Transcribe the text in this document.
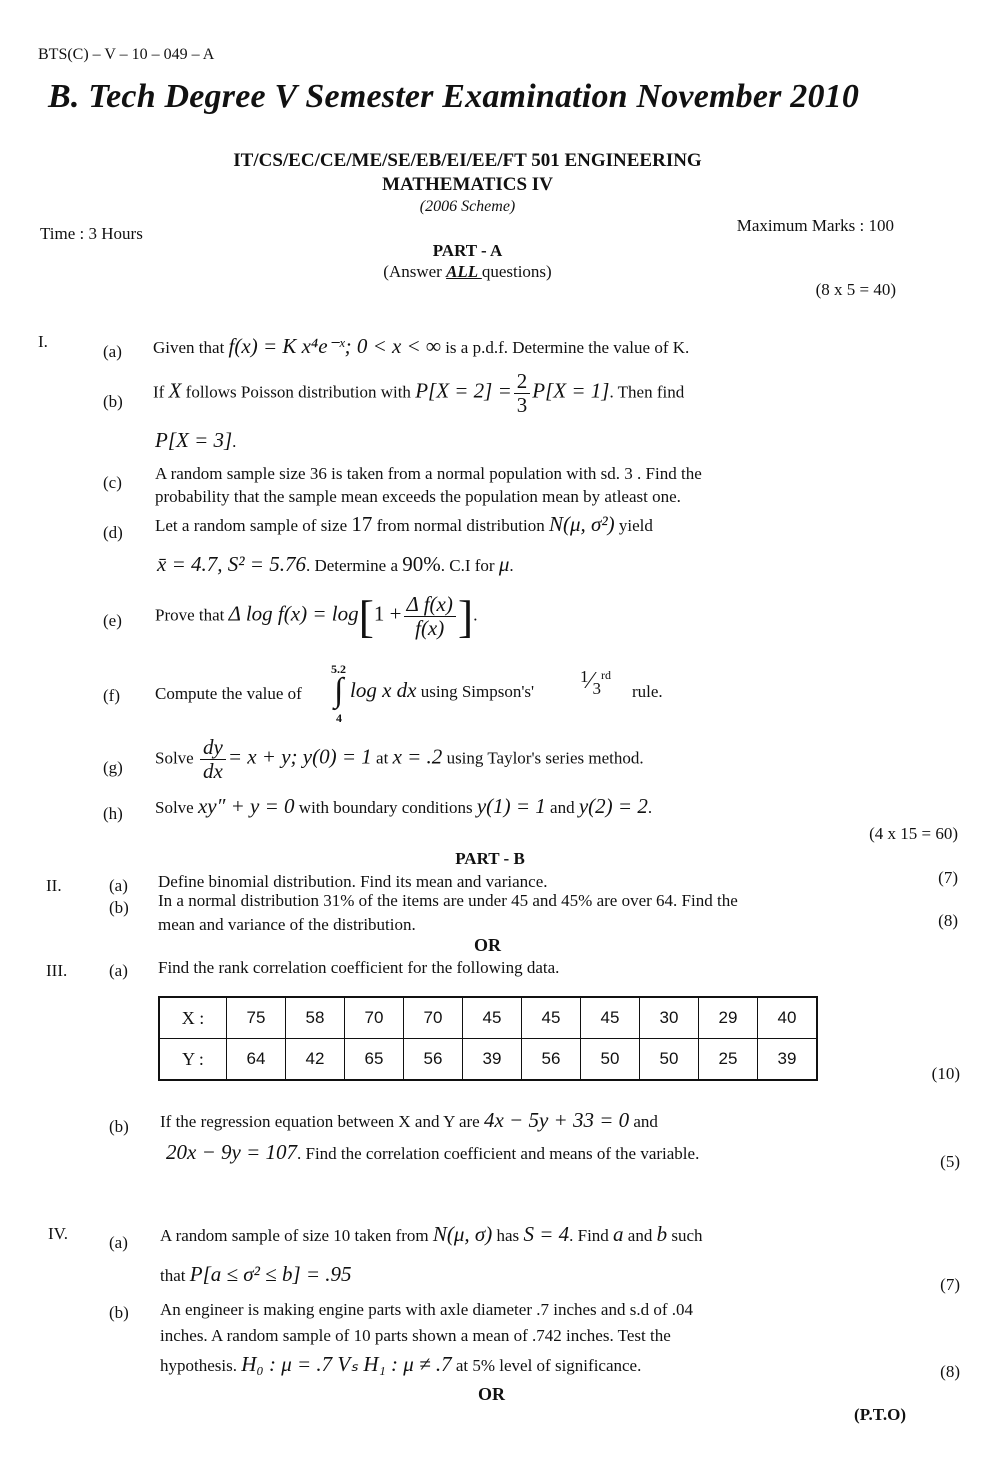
BTS(C) – V – 10 – 049 – A
B. Tech Degree V Semester Examination November 2010
IT/CS/EC/CE/ME/SE/EB/EI/EE/FT 501 ENGINEERING
MATHEMATICS IV
(2006 Scheme)
Time : 3 Hours	Maximum Marks : 100
PART - A
(Answer ALL questions)
(8 x 5 = 40)
I.
(a) Given that f(x) = K x⁴e⁻ˣ; 0 < x < ∞ is a p.d.f. Determine the value of K.
(b) If X follows Poisson distribution with $P[X = 2] = \frac{2}{3} P[X = 1]$. Then find
P[X = 3].
(c) A random sample size 36 is taken from a normal population with sd. 3 . Find the
probability that the sample mean exceeds the population mean by atleast one.
(d) Let a random sample of size 17 from normal distribution N(μ, σ²) yield
x̄ = 4.7, S² = 5.76. Determine a 90%. C.I for μ.
(e) Prove that Δ $\log f(x) = \log[1 + \frac{\text{Δ f(x)}}{f(x)}$ ].
(f) Compute the value of
5.2
∫
4
log x dx using Simpson's'
$^1⁄_3^{rd}$
rule.
(g) Solve $\frac{dy}{dx} = x + y$; y(0) = 1 at x = .2 using Taylor's series method.
(h) Solve xy″ + y = 0 with boundary conditions y(1) = 1 and y(2) = 2.
(4 x 15 = 60)
PART - B
II.	(a) Define binomial distribution. Find its mean and variance.	(7)
(b) In a normal distribution 31% of the items are under 45 and 45% are over 64. Find the
mean and variance of the distribution.	(8)
OR
III. (a) Find the rank correlation coefficient for the following data.
X :	75	58	70	70	45	45	45	30	29	40
Y :	64	42	65	56	39	56	50	50	25	39
(10)
(b) If the regression equation between X and Y are 4x − 5y + 33 = 0 and
20x − 9y = 107. Find the correlation coefficient and means of the variable.	(5)
IV. (a) A random sample of size 10 taken from N(μ, σ) has S = 4. Find a and b such
that P[a ≤ σ² ≤ b] = .95	(7)
(b) An engineer is making engine parts with axle diameter .7 inches and s.d of .04
inches. A random sample of 10 parts shown a mean of .742 inches. Test the
hypothesis. H₀ : μ = .7 Vₛ H₁ : μ ≠ .7 at 5% level of significance.	(8)
OR
(P.T.O)
